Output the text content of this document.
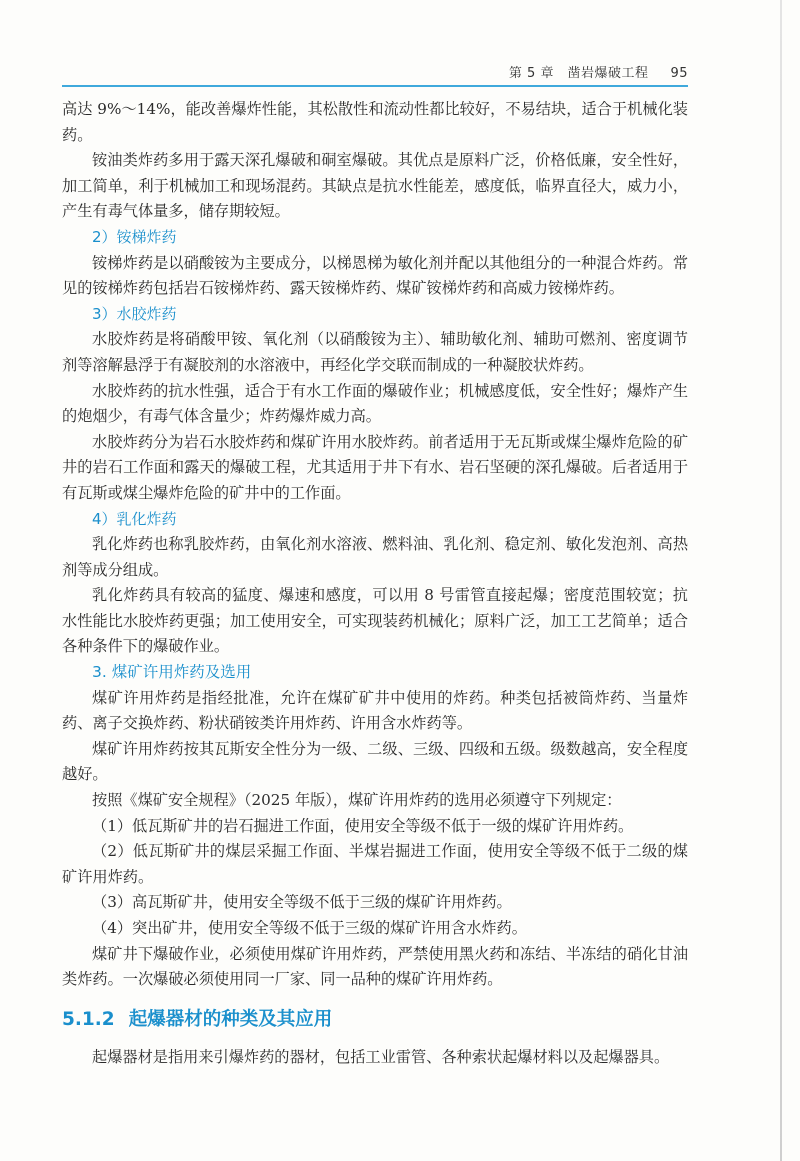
第 5 章　凿岩爆破工程 95

高达 9%～14%，能改善爆炸性能，其松散性和流动性都比较好，不易结块，适合于机械化装药。

铵油类炸药多用于露天深孔爆破和硐室爆破。其优点是原料广泛，价格低廉，安全性好，加工简单，利于机械加工和现场混药。其缺点是抗水性能差，感度低，临界直径大，威力小，产生有毒气体量多，储存期较短。

2）铵梯炸药

铵梯炸药是以硝酸铵为主要成分，以梯恩梯为敏化剂并配以其他组分的一种混合炸药。常见的铵梯炸药包括岩石铵梯炸药、露天铵梯炸药、煤矿铵梯炸药和高威力铵梯炸药。

3）水胶炸药

水胶炸药是将硝酸甲铵、氧化剂（以硝酸铵为主）、辅助敏化剂、辅助可燃剂、密度调节剂等溶解悬浮于有凝胶剂的水溶液中，再经化学交联而制成的一种凝胶状炸药。

水胶炸药的抗水性强，适合于有水工作面的爆破作业；机械感度低，安全性好；爆炸产生的炮烟少，有毒气体含量少；炸药爆炸威力高。

水胶炸药分为岩石水胶炸药和煤矿许用水胶炸药。前者适用于无瓦斯或煤尘爆炸危险的矿井的岩石工作面和露天的爆破工程，尤其适用于井下有水、岩石坚硬的深孔爆破。后者适用于有瓦斯或煤尘爆炸危险的矿井中的工作面。

4）乳化炸药

乳化炸药也称乳胶炸药，由氧化剂水溶液、燃料油、乳化剂、稳定剂、敏化发泡剂、高热剂等成分组成。

乳化炸药具有较高的猛度、爆速和感度，可以用 8 号雷管直接起爆；密度范围较宽；抗水性能比水胶炸药更强；加工使用安全，可实现装药机械化；原料广泛，加工工艺简单；适合各种条件下的爆破作业。

3. 煤矿许用炸药及选用

煤矿许用炸药是指经批准，允许在煤矿矿井中使用的炸药。种类包括被筒炸药、当量炸药、离子交换炸药、粉状硝铵类许用炸药、许用含水炸药等。

煤矿许用炸药按其瓦斯安全性分为一级、二级、三级、四级和五级。级数越高，安全程度越好。

按照《煤矿安全规程》（2025 年版），煤矿许用炸药的选用必须遵守下列规定：

（1）低瓦斯矿井的岩石掘进工作面，使用安全等级不低于一级的煤矿许用炸药。

（2）低瓦斯矿井的煤层采掘工作面、半煤岩掘进工作面，使用安全等级不低于二级的煤矿许用炸药。

（3）高瓦斯矿井，使用安全等级不低于三级的煤矿许用炸药。

（4）突出矿井，使用安全等级不低于三级的煤矿许用含水炸药。

煤矿井下爆破作业，必须使用煤矿许用炸药，严禁使用黑火药和冻结、半冻结的硝化甘油类炸药。一次爆破必须使用同一厂家、同一品种的煤矿许用炸药。

5.1.2 起爆器材的种类及其应用

起爆器材是指用来引爆炸药的器材，包括工业雷管、各种索状起爆材料以及起爆器具。
